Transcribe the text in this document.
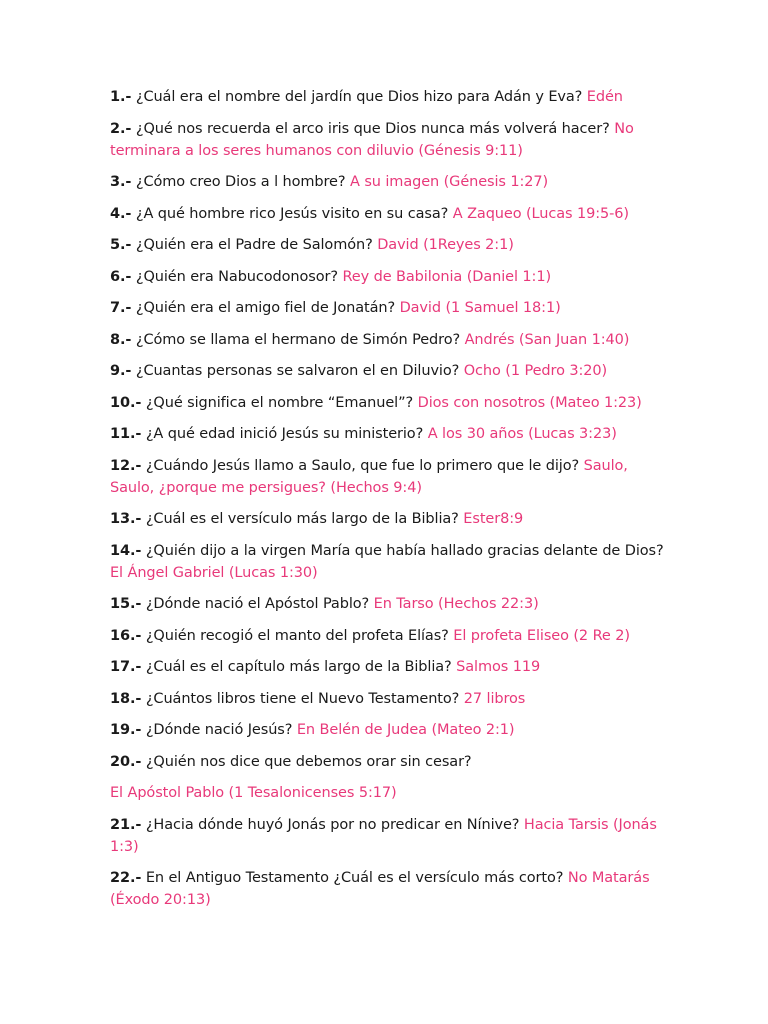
1.- ¿Cuál era el nombre del jardín que Dios hizo para Adán y Eva? Edén
2.- ¿Qué nos recuerda el arco iris que Dios nunca más volverá hacer? No terminara a los seres humanos con diluvio (Génesis 9:11)
3.- ¿Cómo creo Dios a l hombre? A su imagen (Génesis 1:27)
4.- ¿A qué hombre rico Jesús visito en su casa? A Zaqueo (Lucas 19:5-6)
5.- ¿Quién era el Padre de Salomón? David (1Reyes 2:1)
6.- ¿Quién era Nabucodonosor? Rey de Babilonia (Daniel 1:1)
7.- ¿Quién era el amigo fiel de Jonatán? David (1 Samuel 18:1)
8.- ¿Cómo se llama el hermano de Simón Pedro? Andrés (San Juan 1:40)
9.- ¿Cuantas personas se salvaron el en Diluvio? Ocho (1 Pedro 3:20)
10.- ¿Qué significa el nombre “Emanuel”? Dios con nosotros (Mateo 1:23)
11.- ¿A qué edad inició Jesús su ministerio? A los 30 años (Lucas 3:23)
12.- ¿Cuándo Jesús llamo a Saulo, que fue lo primero que le dijo? Saulo, Saulo, ¿porque me persigues? (Hechos 9:4)
13.- ¿Cuál es el versículo más largo de la Biblia? Ester8:9
14.- ¿Quién dijo a la virgen María que había hallado gracias delante de Dios? El Ángel Gabriel (Lucas 1:30)
15.- ¿Dónde nació el Apóstol Pablo? En Tarso (Hechos 22:3)
16.- ¿Quién recogió el manto del profeta Elías? El profeta Eliseo (2 Re 2)
17.- ¿Cuál es el capítulo más largo de la Biblia? Salmos 119
18.- ¿Cuántos libros tiene el Nuevo Testamento? 27 libros
19.- ¿Dónde nació Jesús? En Belén de Judea (Mateo 2:1)
20.- ¿Quién nos dice que debemos orar sin cesar?
El Apóstol Pablo (1 Tesalonicenses 5:17)
21.- ¿Hacia dónde huyó Jonás por no predicar en Nínive? Hacia Tarsis (Jonás 1:3)
22.- En el Antiguo Testamento ¿Cuál es el versículo más corto? No Matarás (Éxodo 20:13)
